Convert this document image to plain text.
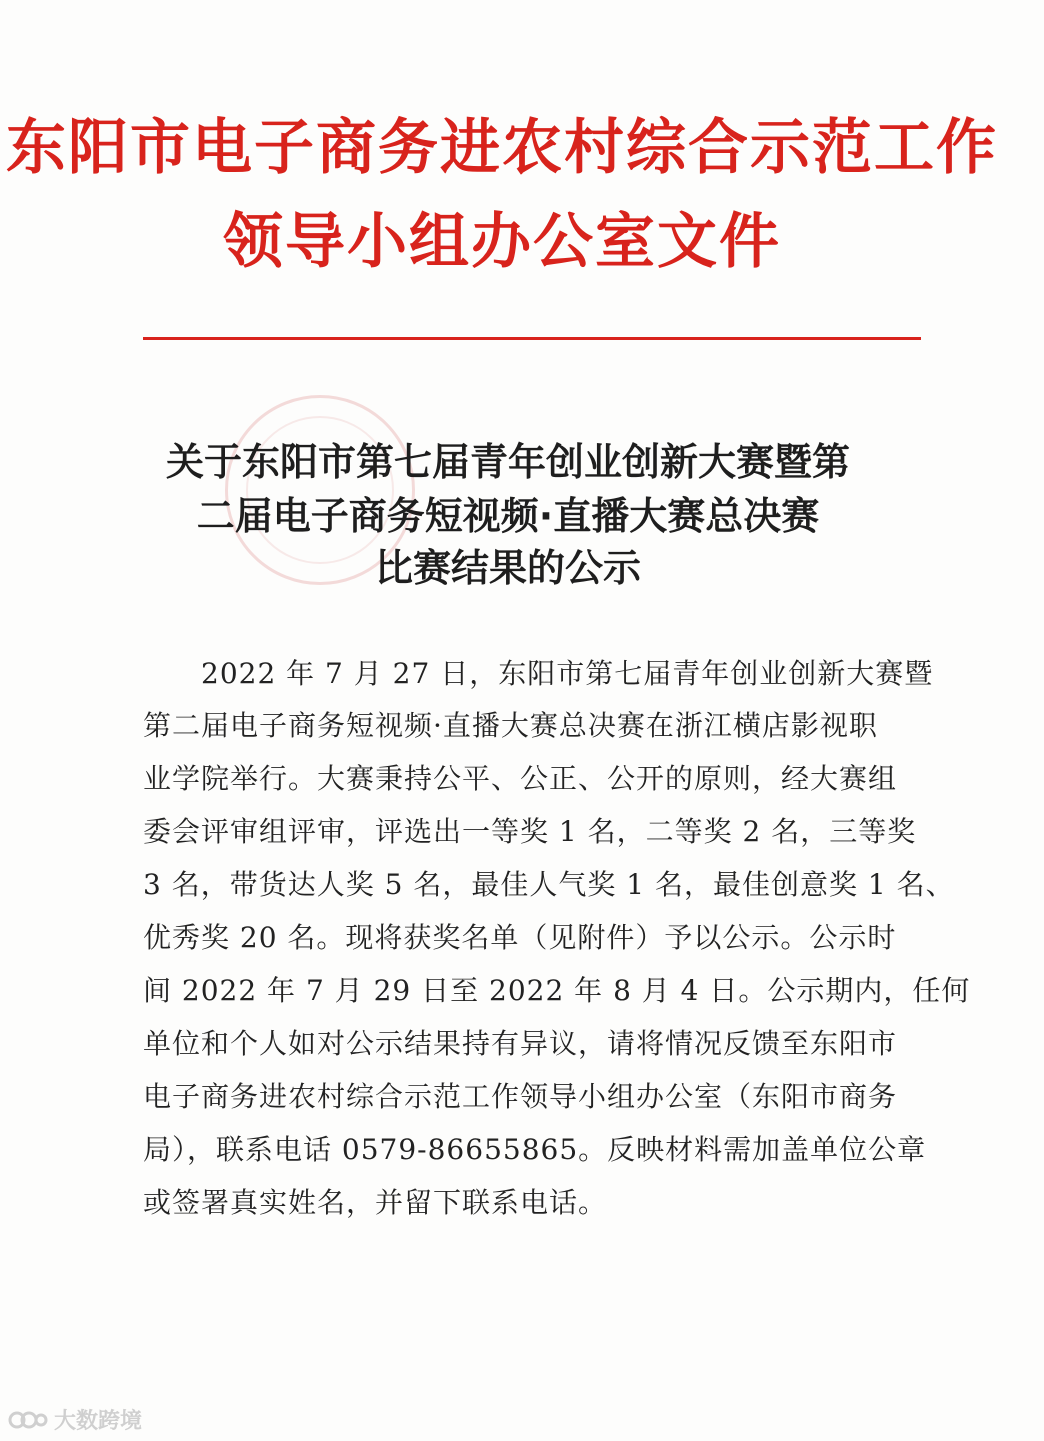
东阳市电子商务进农村综合示范工作
领导小组办公室文件
关于东阳市第七届青年创业创新大赛暨第
二届电子商务短视频·直播大赛总决赛
比赛结果的公示
　　2022 年 7 月 27 日，东阳市第七届青年创业创新大赛暨
第二届电子商务短视频·直播大赛总决赛在浙江横店影视职
业学院举行。大赛秉持公平、公正、公开的原则，经大赛组
委会评审组评审，评选出一等奖 1 名，二等奖 2 名，三等奖
3 名，带货达人奖 5 名，最佳人气奖 1 名，最佳创意奖 1 名、
优秀奖 20 名。现将获奖名单（见附件）予以公示。公示时
间 2022 年 7 月 29 日至 2022 年 8 月 4 日。公示期内，任何
单位和个人如对公示结果持有异议，请将情况反馈至东阳市
电子商务进农村综合示范工作领导小组办公室（东阳市商务
局），联系电话 0579-86655865。反映材料需加盖单位公章
或签署真实姓名，并留下联系电话。
大数跨境
